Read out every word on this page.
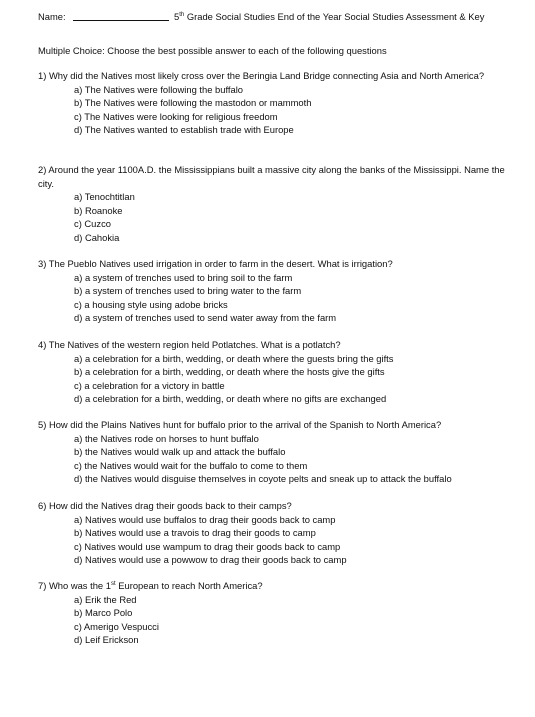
Name:	5th Grade Social Studies End of the Year Social Studies Assessment & Key
Multiple Choice: Choose the best possible answer to each of the following questions

1) Why did the Natives most likely cross over the Beringia Land Bridge connecting Asia and North America?

a) The Natives were following the buffalo
b) The Natives were following the mastodon or mammoth
c) The Natives were looking for religious freedom
d) The Natives wanted to establish trade with Europe

2) Around the year 1100A.D. the Mississippians built a massive city along the banks of the Mississippi. Name the city.

a) Tenochtitlan
b) Roanoke
c) Cuzco
d) Cahokia

3) The Pueblo Natives used irrigation in order to farm in the desert. What is irrigation?

a) a system of trenches used to bring soil to the farm
b) a system of trenches used to bring water to the farm
c) a housing style using adobe bricks
d) a system of trenches used to send water away from the farm

4) The Natives of the western region held Potlatches. What is a potlatch?

a) a celebration for a birth, wedding, or death where the guests bring the gifts
b) a celebration for a birth, wedding, or death where the hosts give the gifts
c) a celebration for a victory in battle
d) a celebration for a birth, wedding, or death where no gifts are exchanged

5) How did the Plains Natives hunt for buffalo prior to the arrival of the Spanish to North America?

a) the Natives rode on horses to hunt buffalo
b) the Natives would walk up and attack the buffalo
c) the Natives would wait for the buffalo to come to them
d) the Natives would disguise themselves in coyote pelts and sneak up to attack the buffalo

6) How did the Natives drag their goods back to their camps?

a) Natives would use buffalos to drag their goods back to camp
b) Natives would use a travois to drag their goods to camp
c) Natives would use wampum to drag their goods back to camp
d) Natives would use a powwow to drag their goods back to camp

7) Who was the 1st European to reach North America?

a) Erik the Red
b) Marco Polo
c) Amerigo Vespucci
d) Leif Erickson
